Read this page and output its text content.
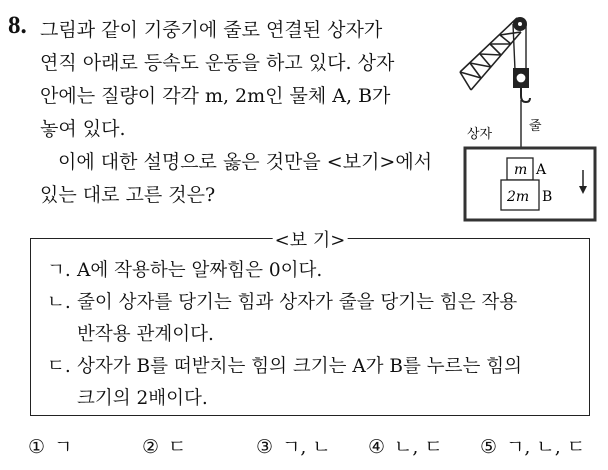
8. 그림과 같이 기중기에 줄로 연결된 상자가
연직 아래로 등속도 운동을 하고 있다. 상자
안에는 질량이 각각 m, 2m인 물체 A, B가
놓여 있다.
이에 대한 설명으로 옳은 것만을 <보기>에서
있는 대로 고른 것은?
줄
상자
m A
2m B
<보 기>
ㄱ. A에 작용하는 알짜힘은 0이다.
ㄴ. 줄이 상자를 당기는 힘과 상자가 줄을 당기는 힘은 작용
반작용 관계이다.
ㄷ. 상자가 B를 떠받치는 힘의 크기는 A가 B를 누르는 힘의
크기의 2배이다.
① ㄱ	② ㄷ	③ ㄱ, ㄴ ④ ㄴ, ㄷ ⑤ ㄱ, ㄴ, ㄷ
